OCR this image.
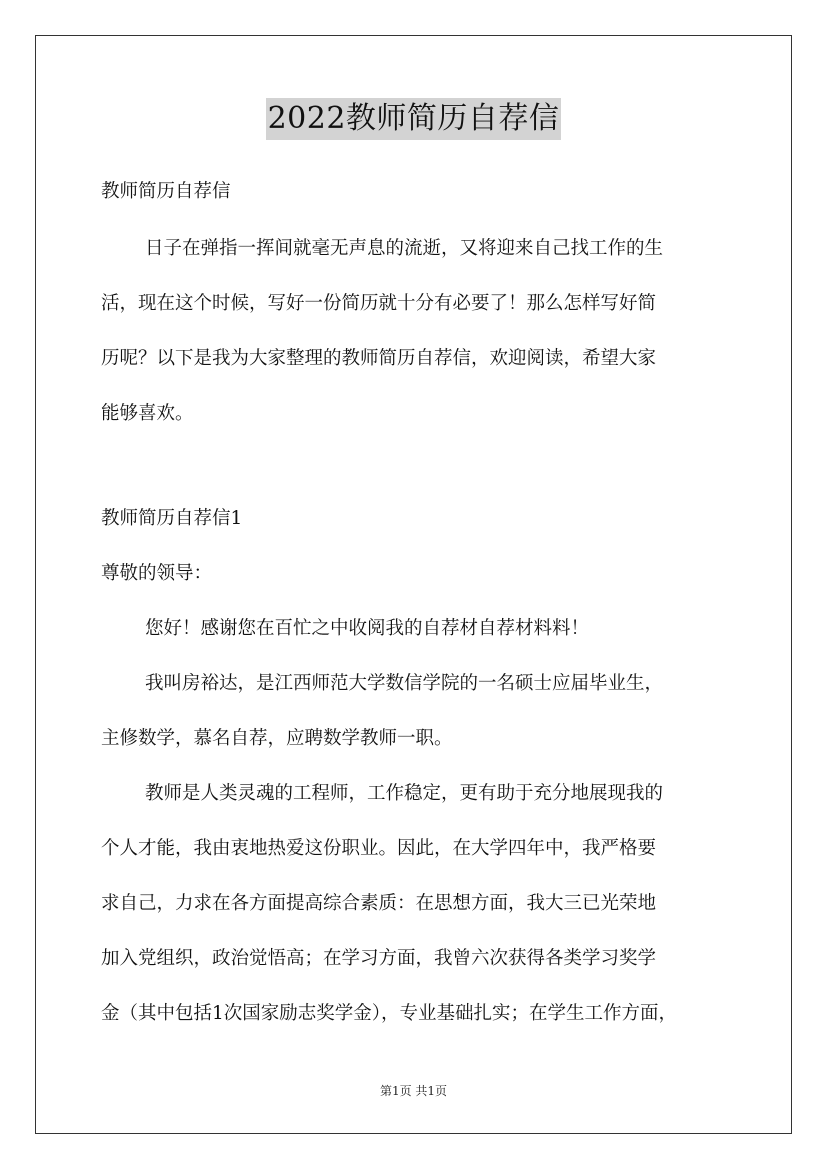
2022教师简历自荐信
教师简历自荐信
日子在弹指一挥间就毫无声息的流逝，又将迎来自己找工作的生
活，现在这个时候，写好一份简历就十分有必要了！那么怎样写好简
历呢？以下是我为大家整理的教师简历自荐信，欢迎阅读，希望大家
能够喜欢。
教师简历自荐信1
尊敬的领导：
您好！感谢您在百忙之中收阅我的自荐材自荐材料料！
我叫房裕达，是江西师范大学数信学院的一名硕士应届毕业生，
主修数学，慕名自荐，应聘数学教师一职。
教师是人类灵魂的工程师，工作稳定，更有助于充分地展现我的
个人才能，我由衷地热爱这份职业。因此，在大学四年中，我严格要
求自己，力求在各方面提高综合素质：在思想方面，我大三已光荣地
加入党组织，政治觉悟高；在学习方面，我曾六次获得各类学习奖学
金（其中包括1次国家励志奖学金），专业基础扎实；在学生工作方面，
第1页 共1页
